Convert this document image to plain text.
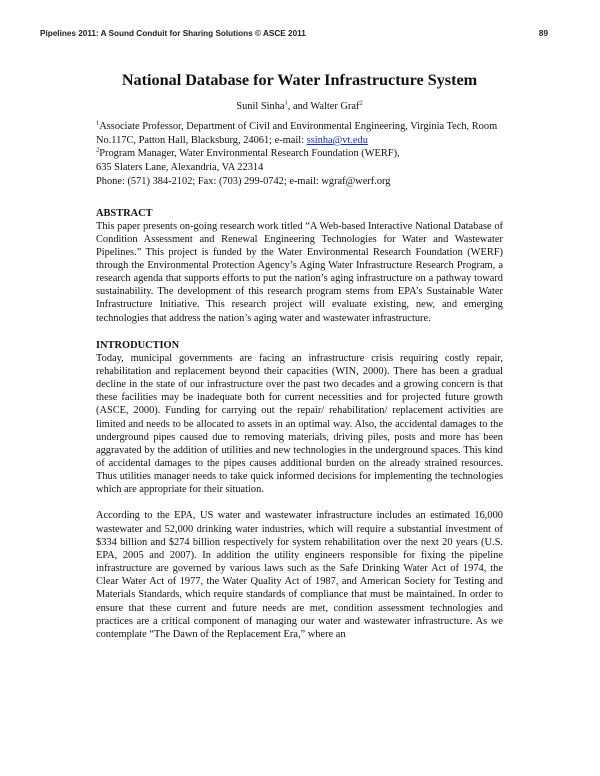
Pipelines 2011: A Sound Conduit for Sharing Solutions © ASCE 2011	89
National Database for Water Infrastructure System
Sunil Sinha$^1$, and Walter Graf$^2$
$^1$Associate Professor, Department of Civil and Environmental Engineering, Virginia Tech, Room No.117C, Patton Hall, Blacksburg, 24061; e-mail: ssinha@vt.edu
$^2$Program Manager, Water Environmental Research Foundation (WERF),
635 Slaters Lane, Alexandria, VA 22314
Phone: (571) 384-2102; Fax: (703) 299-0742; e-mail: wgraf@werf.org
ABSTRACT

This paper presents on-going research work titled “A Web-based Interactive National Database of Condition Assessment and Renewal Engineering Technologies for Water and Wastewater Pipelines.” This project is funded by the Water Environmental Research Foundation (WERF) through the Environmental Protection Agency’s Aging Water Infrastructure Research Program, a research agenda that supports efforts to put the nation’s aging infrastructure on a pathway toward sustainability. The development of this research program stems from EPA’s Sustainable Water Infrastructure Initiative. This research project will evaluate existing, new, and emerging technologies that address the nation’s aging water and wastewater infrastructure.

INTRODUCTION

Today, municipal governments are facing an infrastructure crisis requiring costly repair, rehabilitation and replacement beyond their capacities (WIN, 2000). There has been a gradual decline in the state of our infrastructure over the past two decades and a growing concern is that these facilities may be inadequate both for current necessities and for projected future growth (ASCE, 2000). Funding for carrying out the repair/ rehabilitation/ replacement activities are limited and needs to be allocated to assets in an optimal way. Also, the accidental damages to the underground pipes caused due to removing materials, driving piles, posts and more has been aggravated by the addition of utilities and new technologies in the underground spaces. This kind of accidental damages to the pipes causes additional burden on the already strained resources. Thus utilities manager needs to take quick informed decisions for implementing the technologies which are appropriate for their situation.

According to the EPA, US water and wastewater infrastructure includes an estimated 16,000 wastewater and 52,000 drinking water industries, which will require a substantial investment of $334 billion and $274 billion respectively for system rehabilitation over the next 20 years (U.S. EPA, 2005 and 2007). In addition the utility engineers responsible for fixing the pipeline infrastructure are governed by various laws such as the Safe Drinking Water Act of 1974, the Clear Water Act of 1977, the Water Quality Act of 1987, and American Society for Testing and Materials Standards, which require standards of compliance that must be maintained. In order to ensure that these current and future needs are met, condition assessment technologies and practices are a critical component of managing our water and wastewater infrastructure. As we contemplate “The Dawn of the Replacement Era,” where an
